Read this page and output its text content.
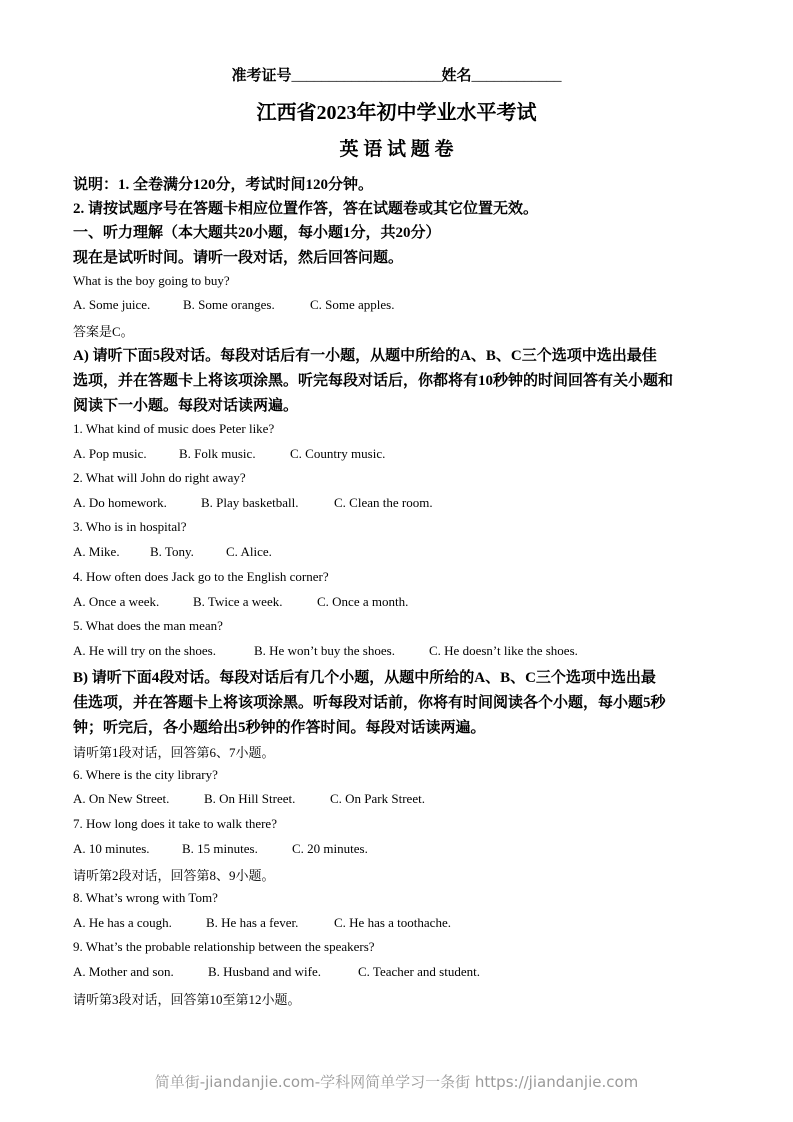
准考证号____________________姓名____________
江西省2023年初中学业水平考试
英 语 试 题 卷
说明：1. 全卷满分120分，考试时间120分钟。
2. 请按试题序号在答题卡相应位置作答，答在试题卷或其它位置无效。
一、听力理解（本大题共20小题，每小题1分，共20分）
现在是试听时间。请听一段对话，然后回答问题。
What is the boy going to buy?
A. Some juice.	B. Some oranges.	C. Some apples.
答案是C。
A) 请听下面5段对话。每段对话后有一小题，从题中所给的A、B、C三个选项中选出最佳
选项，并在答题卡上将该项涂黑。听完每段对话后，你都将有10秒钟的时间回答有关小题和
阅读下一小题。每段对话读两遍。
1. What kind of music does Peter like?
A. Pop music. B. Folk music.	C. Country music.
2. What will John do right away?
A. Do homework.	B. Play basketball.	C. Clean the room.
3. Who is in hospital?
A. Mike. B. Tony. C. Alice.
4. How often does Jack go to the English corner?
A. Once a week.	B. Twice a week.	C. Once a month.
5. What does the man mean?
A. He will try on the shoes.	B. He won’t buy the shoes.	C. He doesn’t like the shoes.
B) 请听下面4段对话。每段对话后有几个小题，从题中所给的A、B、C三个选项中选出最
佳选项，并在答题卡上将该项涂黑。听每段对话前，你将有时间阅读各个小题，每小题5秒
钟；听完后，各小题给出5秒钟的作答时间。每段对话读两遍。
请听第1段对话，回答第6、7小题。
6. Where is the city library?
A. On New Street.	B. On Hill Street.	C. On Park Street.
7. How long does it take to walk there?
A. 10 minutes. B. 15 minutes.	C. 20 minutes.
请听第2段对话，回答第8、9小题。
8. What’s wrong with Tom?
A. He has a cough.	B. He has a fever.	C. He has a toothache.
9. What’s the probable relationship between the speakers?
A. Mother and son.	B. Husband and wife.	C. Teacher and student.
请听第3段对话，回答第10至第12小题。
简单街-jiandanjie.com-学科网简单学习一条街 https://jiandanjie.com
